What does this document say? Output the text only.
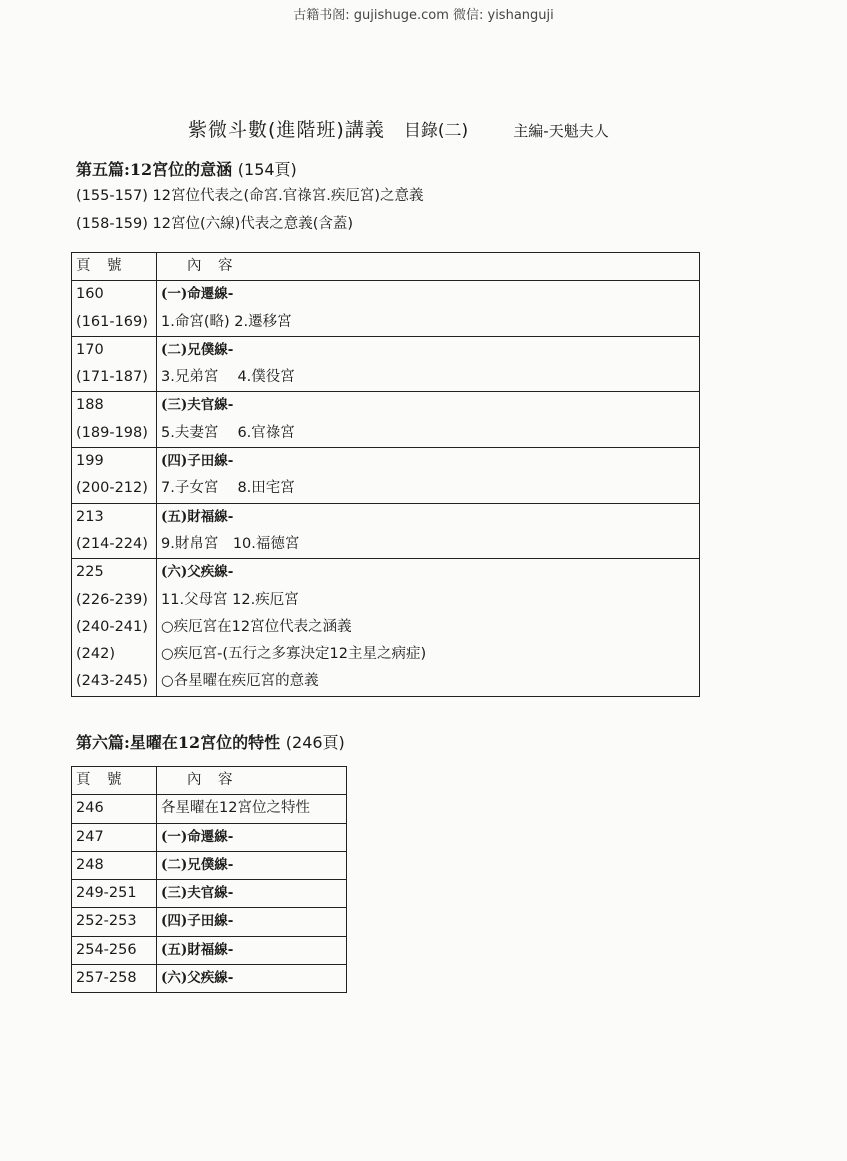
古籍书阁: gujishuge.com 微信: yishanguji
紫微斗數(進階班)講義 目錄(二)	主編-天魁夫人
第五篇:12宮位的意涵 (154頁)
(155-157) 12宮位代表之(命宮.官祿宮.疾厄宮)之意義
(158-159) 12宮位(六線)代表之意義(含蓋)
頁　號	內　容
160	(一)命遷線-
(161-169)	1.命宮(略) 2.遷移宮
170	(二)兄僕線-
(171-187)	3.兄弟宮　 4.僕役宮
188	(三)夫官線-
(189-198)	5.夫妻宮　 6.官祿宮
199	(四)子田線-
(200-212)	7.子女宮　 8.田宅宮
213	(五)財福線-
(214-224)	9.財帛宮　10.福德宮
225	(六)父疾線-
(226-239)	11.父母宮 12.疾厄宮
(240-241)	○疾厄宮在12宮位代表之涵義
(242)	○疾厄宮-(五行之多寡決定12主星之病症)
(243-245)	○各星曜在疾厄宮的意義
第六篇:星曜在12宮位的特性 (246頁)
頁　號	內　容
246	各星曜在12宮位之特性
247	(一)命遷線-
248	(二)兄僕線-
249-251	(三)夫官線-
252-253	(四)子田線-
254-256	(五)財福線-
257-258	(六)父疾線-
